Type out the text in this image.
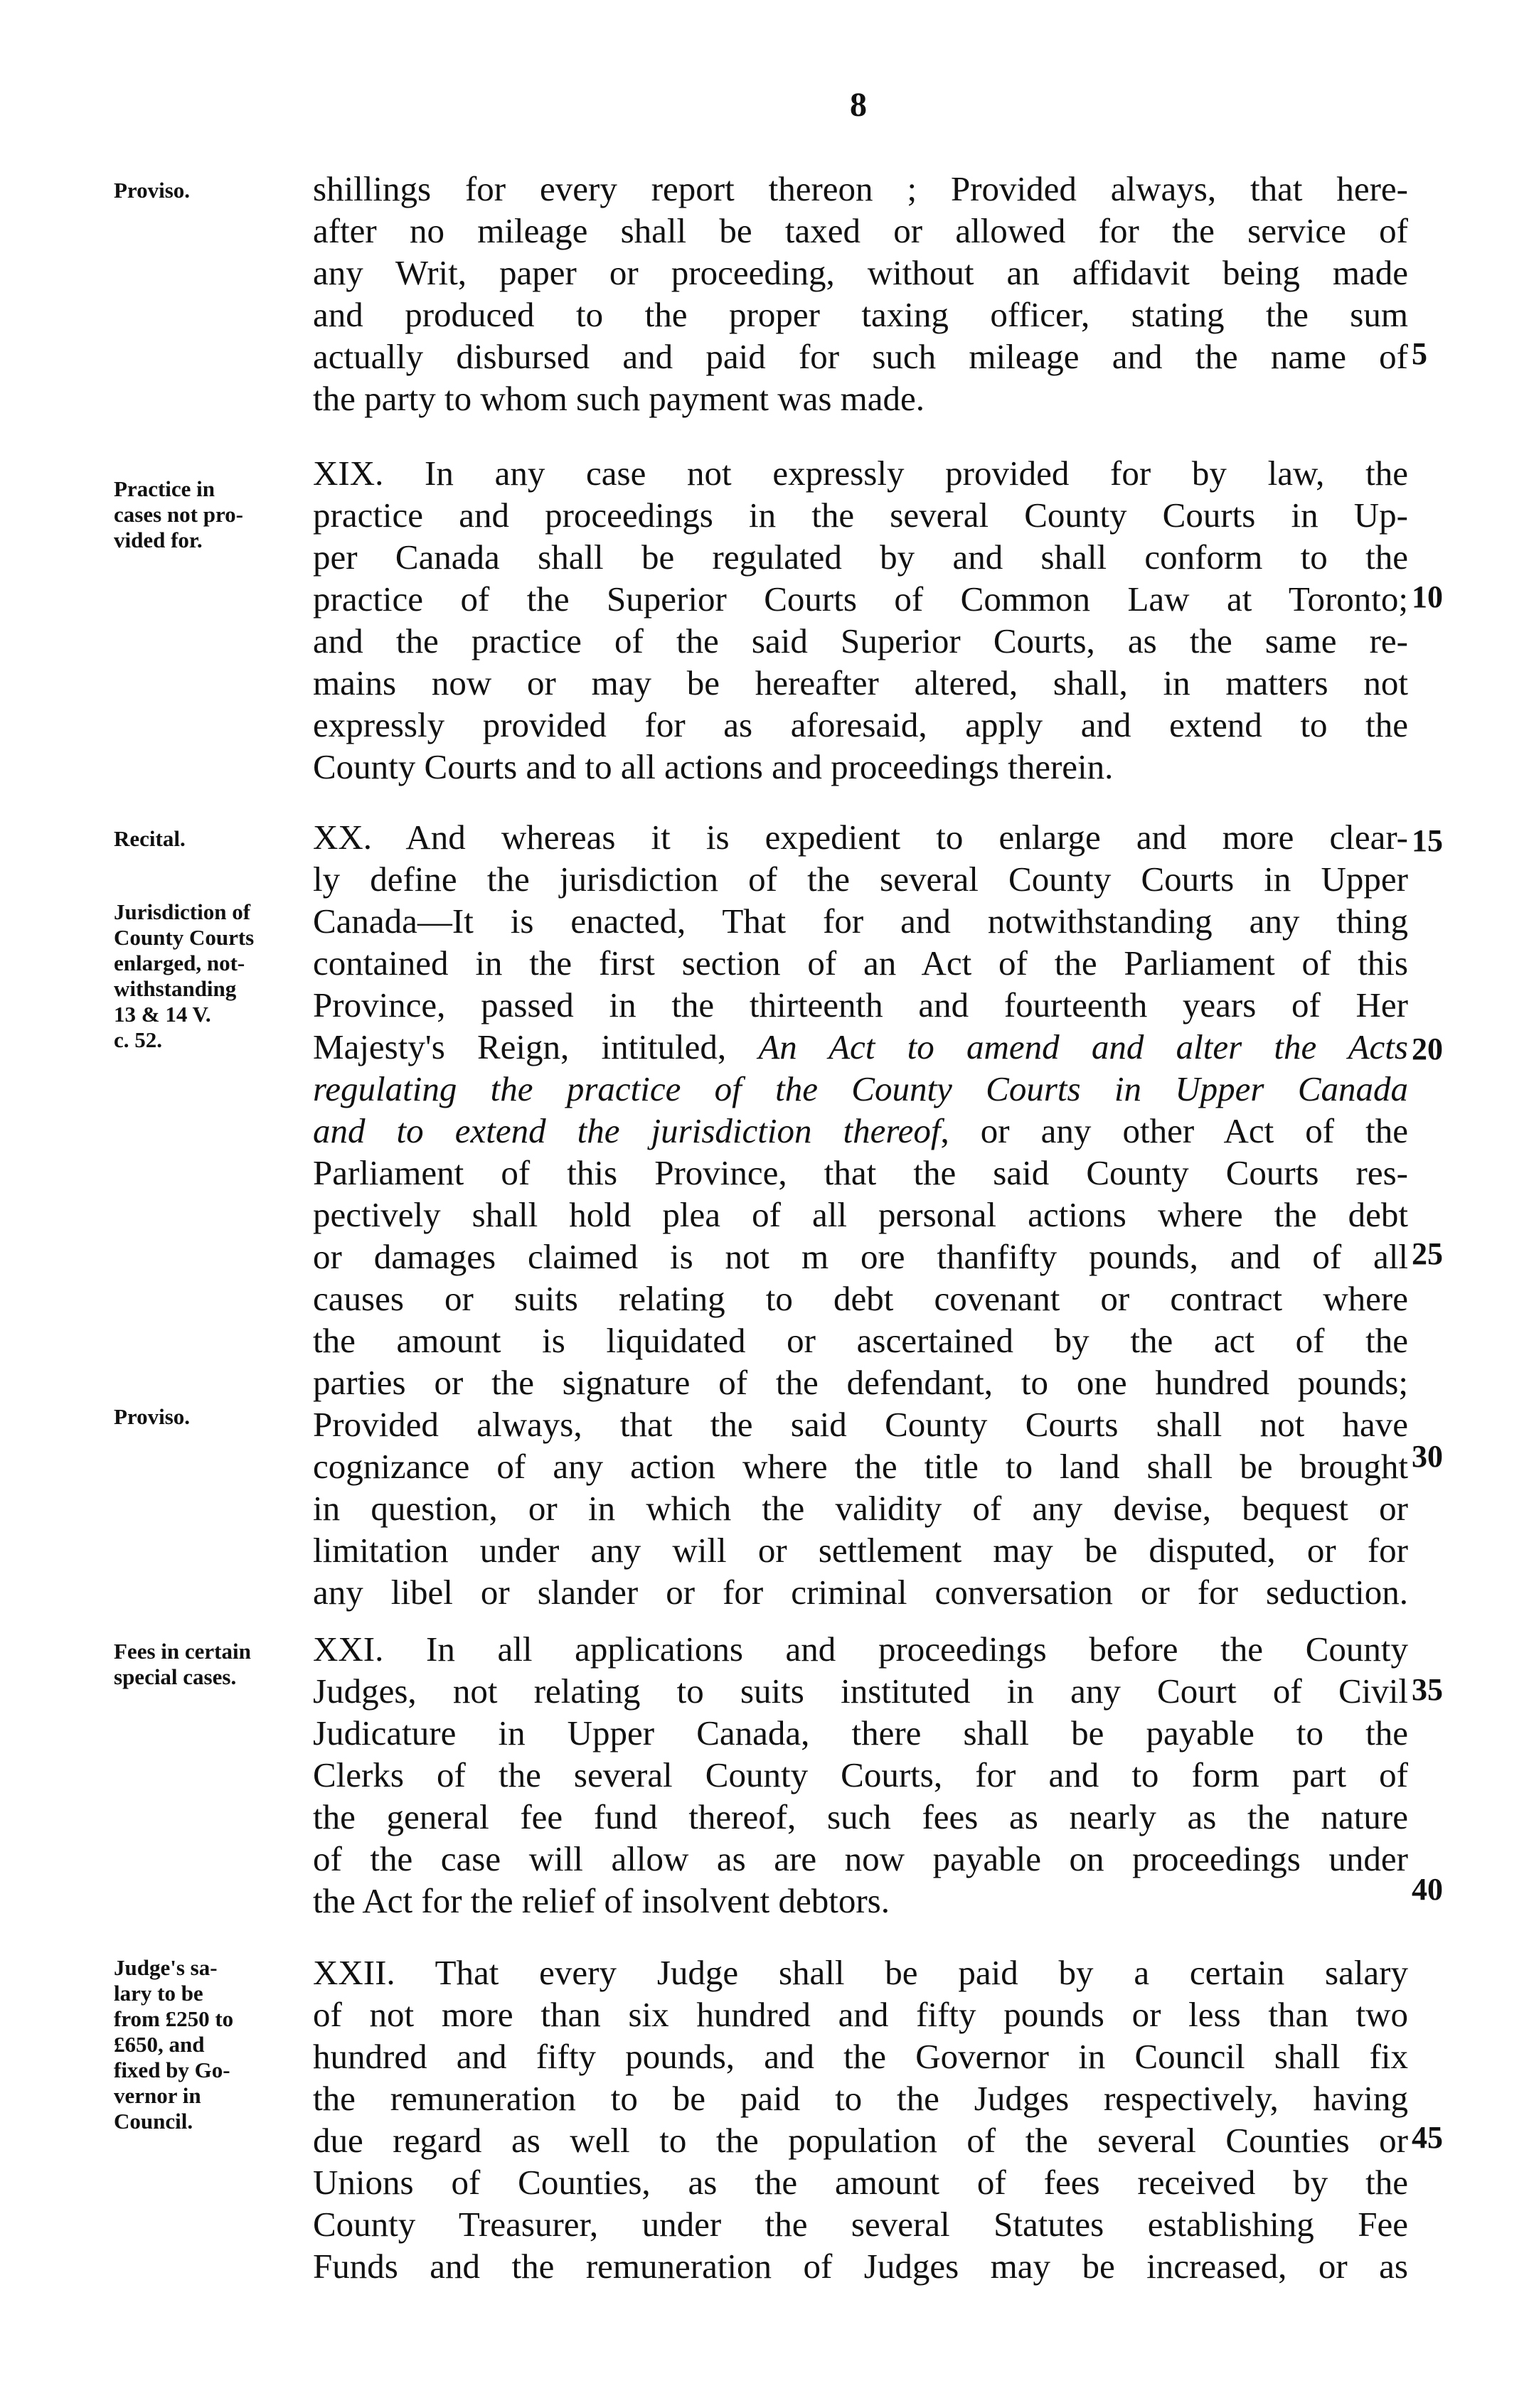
8
Proviso.
Practice in
cases not pro-
vided for.
Recital.
Jurisdiction of
County Courts
enlarged, not-
withstanding
13 & 14 V.
c. 52.
Proviso.
Fees in certain
special cases.
Judge's sa-
lary to be
from £250 to
£650, and
fixed by Go-
vernor in
Council.
shillings for every report thereon ; Provided always, that here-
after no mileage shall be taxed or allowed for the service of
any Writ, paper or proceeding, without an affidavit being made
and produced to the proper taxing officer, stating the sum
actually disbursed and paid for such mileage and the name of
the party to whom such payment was made.
XIX. In any case not expressly provided for by law, the
practice and proceedings in the several County Courts in Up-
per Canada shall be regulated by and shall conform to the
practice of the Superior Courts of Common Law at Toronto;
and the practice of the said Superior Courts, as the same re-
mains now or may be hereafter altered, shall, in matters not
expressly provided for as aforesaid, apply and extend to the
County Courts and to all actions and proceedings therein.
XX. And whereas it is expedient to enlarge and more clear-
ly define the jurisdiction of the several County Courts in Upper
Canada—It is enacted, That for and notwithstanding any thing
contained in the first section of an Act of the Parliament of this
Province, passed in the thirteenth and fourteenth years of Her
Majesty's Reign, intituled, An Act to amend and alter the Acts
regulating the practice of the County Courts in Upper Canada
and to extend the jurisdiction thereof, or any other Act of the
Parliament of this Province, that the said County Courts res-
pectively shall hold plea of all personal actions where the debt
or damages claimed is not m ore thanfifty pounds, and of all
causes or suits relating to debt covenant or contract where
the amount is liquidated or ascertained by the act of the
parties or the signature of the defendant, to one hundred pounds;
Provided always, that the said County Courts shall not have
cognizance of any action where the title to land shall be brought
in question, or in which the validity of any devise, bequest or
limitation under any will or settlement may be disputed, or for
any libel or slander or for criminal conversation or for seduction.
XXI. In all applications and proceedings before the County
Judges, not relating to suits instituted in any Court of Civil
Judicature in Upper Canada, there shall be payable to the
Clerks of the several County Courts, for and to form part of
the general fee fund thereof, such fees as nearly as the nature
of the case will allow as are now payable on proceedings under
the Act for the relief of insolvent debtors.
XXII. That every Judge shall be paid by a certain salary
of not more than six hundred and fifty pounds or less than two
hundred and fifty pounds, and the Governor in Council shall fix
the remuneration to be paid to the Judges respectively, having
due regard as well to the population of the several Counties or
Unions of Counties, as the amount of fees received by the
County Treasurer, under the several Statutes establishing Fee
Funds and the remuneration of Judges may be increased, or as
5
10
15
20
25
30
35
40
45
